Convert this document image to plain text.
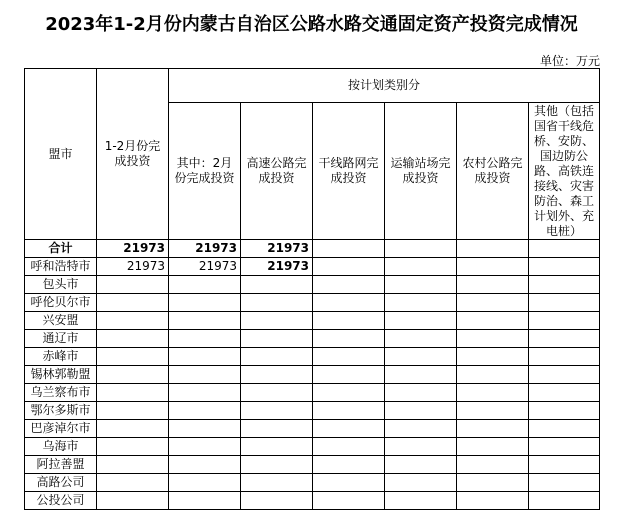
2023年1-2月份内蒙古自治区公路水路交通固定资产投资完成情况
单位：万元
盟市	1-2月份完成投资	按计划类别分					

		其中：2月份完成投资	高速公路完成投资	干线路网完成投资	运输站场完成投资	农村公路完成投资	其他（包括国省干线危桥、安防、国边防公路、高铁连接线、灾害防治、森工计划外、充电桩）

合计	21973	21973	21973				
呼和浩特市	21973	21973	21973				
包头市							
呼伦贝尔市							
兴安盟							
通辽市							
赤峰市							
锡林郭勒盟							
乌兰察布市							
鄂尔多斯市							
巴彦淖尔市							
乌海市							
阿拉善盟							
高路公司							
公投公司							
